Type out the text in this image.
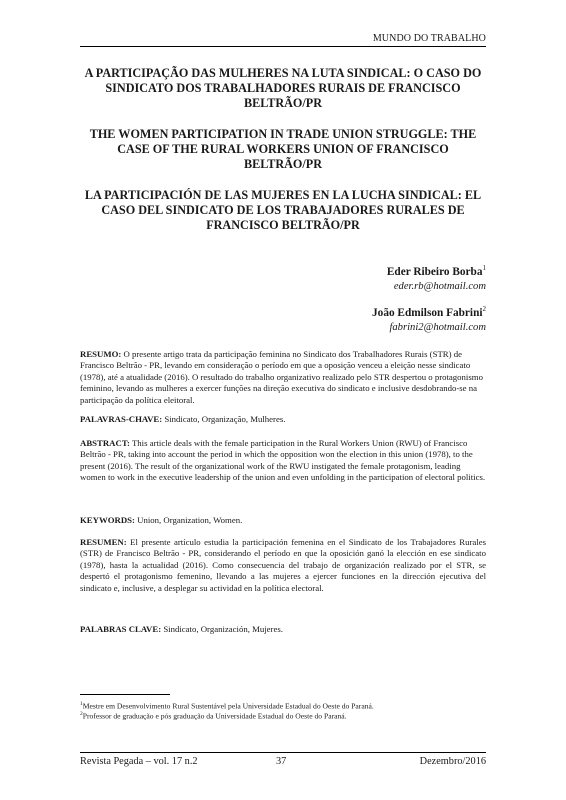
MUNDO DO TRABALHO
A PARTICIPAÇÃO DAS MULHERES NA LUTA SINDICAL: O CASO DO SINDICATO DOS TRABALHADORES RURAIS DE FRANCISCO BELTRÃO/PR
THE WOMEN PARTICIPATION IN TRADE UNION STRUGGLE: THE CASE OF THE RURAL WORKERS UNION OF FRANCISCO BELTRÃO/PR
LA PARTICIPACIÓN DE LAS MUJERES EN LA LUCHA SINDICAL: EL CASO DEL SINDICATO DE LOS TRABAJADORES RURALES DE FRANCISCO BELTRÃO/PR
Eder Ribeiro Borba$^1$
eder.rb@hotmail.com
João Edmilson Fabrini$^2$
fabrini2@hotmail.com
RESUMO: O presente artigo trata da participação feminina no Sindicato dos Trabalhadores Rurais (STR) de Francisco Beltrão - PR, levando em consideração o período em que a oposição venceu a eleição nesse sindicato (1978), até a atualidade (2016). O resultado do trabalho organizativo realizado pelo STR despertou o protagonismo feminino, levando as mulheres a exercer funções na direção executiva do sindicato e inclusive desdobrando-se na participação da política eleitoral.
PALAVRAS-CHAVE: Sindicato, Organização, Mulheres.
ABSTRACT: This article deals with the female participation in the Rural Workers Union (RWU) of Francisco Beltrão - PR, taking into account the period in which the opposition won the election in this union (1978), to the present (2016). The result of the organizational work of the RWU instigated the female protagonism, leading women to work in the executive leadership of the union and even unfolding in the participation of electoral politics.
KEYWORDS: Union, Organization, Women.
RESUMEN: El presente artículo estudia la participación femenina en el Sindicato de los Trabajadores Rurales (STR) de Francisco Beltrão - PR, considerando el período en que la oposición ganó la elección en ese sindicato (1978), hasta la actualidad (2016). Como consecuencia del trabajo de organización realizado por el STR, se despertó el protagonismo femenino, llevando a las mujeres a ejercer funciones en la dirección ejecutiva del sindicato e, inclusive, a desplegar su actividad en la política electoral.
PALABRAS CLAVE: Sindicato, Organización, Mujeres.
$^1$Mestre em Desenvolvimento Rural Sustentável pela Universidade Estadual do Oeste do Paraná.
$^2$Professor de graduação e pós graduação da Universidade Estadual do Oeste do Paraná.
Revista Pegada – vol. 17 n.2	37	Dezembro/2016
